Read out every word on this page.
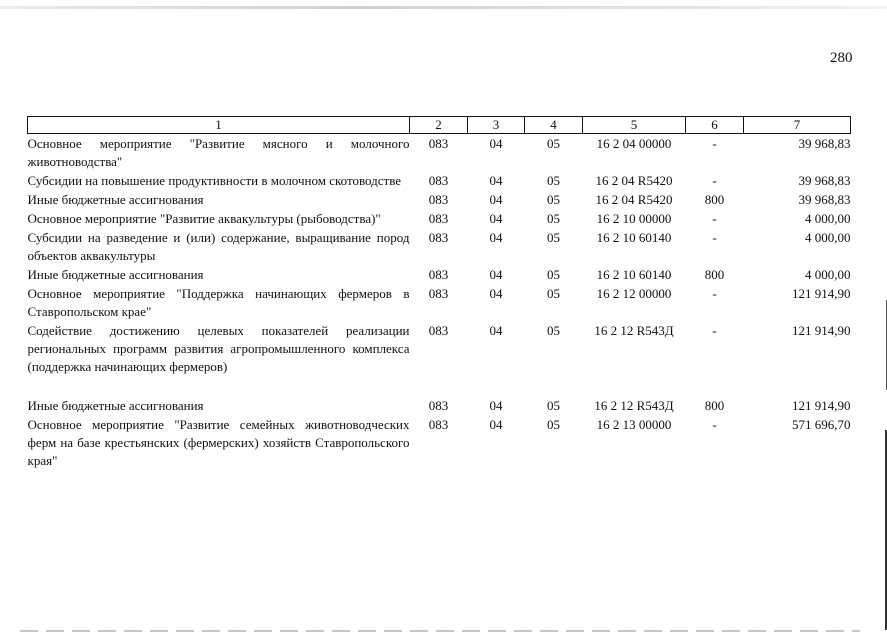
280
1	2	3	4	5	6	7
Основное мероприятие "Развитие мясного и молочного животноводства"	083	04	05	16 2 04 00000	-	39 968,83
Субсидии на повышение продуктивности в молочном скотоводстве	083	04	05	16 2 04 R5420	-	39 968,83
Иные бюджетные ассигнования	083	04	05	16 2 04 R5420	800	39 968,83
Основное мероприятие "Развитие аквакультуры (рыбоводства)"	083	04	05	16 2 10 00000	-	4 000,00
Субсидии на разведение и (или) содержание, выращивание пород объектов аквакультуры	083	04	05	16 2 10 60140	-	4 000,00
Иные бюджетные ассигнования	083	04	05	16 2 10 60140	800	4 000,00
Основное мероприятие "Поддержка начинающих фермеров в Ставропольском крае"	083	04	05	16 2 12 00000	-	121 914,90
Содействие достижению целевых показателей реализации региональных программ развития агропромышленного комплекса (поддержка начинающих фермеров)	083	04	05	16 2 12 R543Д	-	121 914,90

Иные бюджетные ассигнования	083	04	05	16 2 12 R543Д	800	121 914,90
Основное мероприятие "Развитие семейных животноводческих ферм на базе крестьянских (фермерских) хозяйств Ставропольского края"	083	04	05	16 2 13 00000	-	571 696,70
